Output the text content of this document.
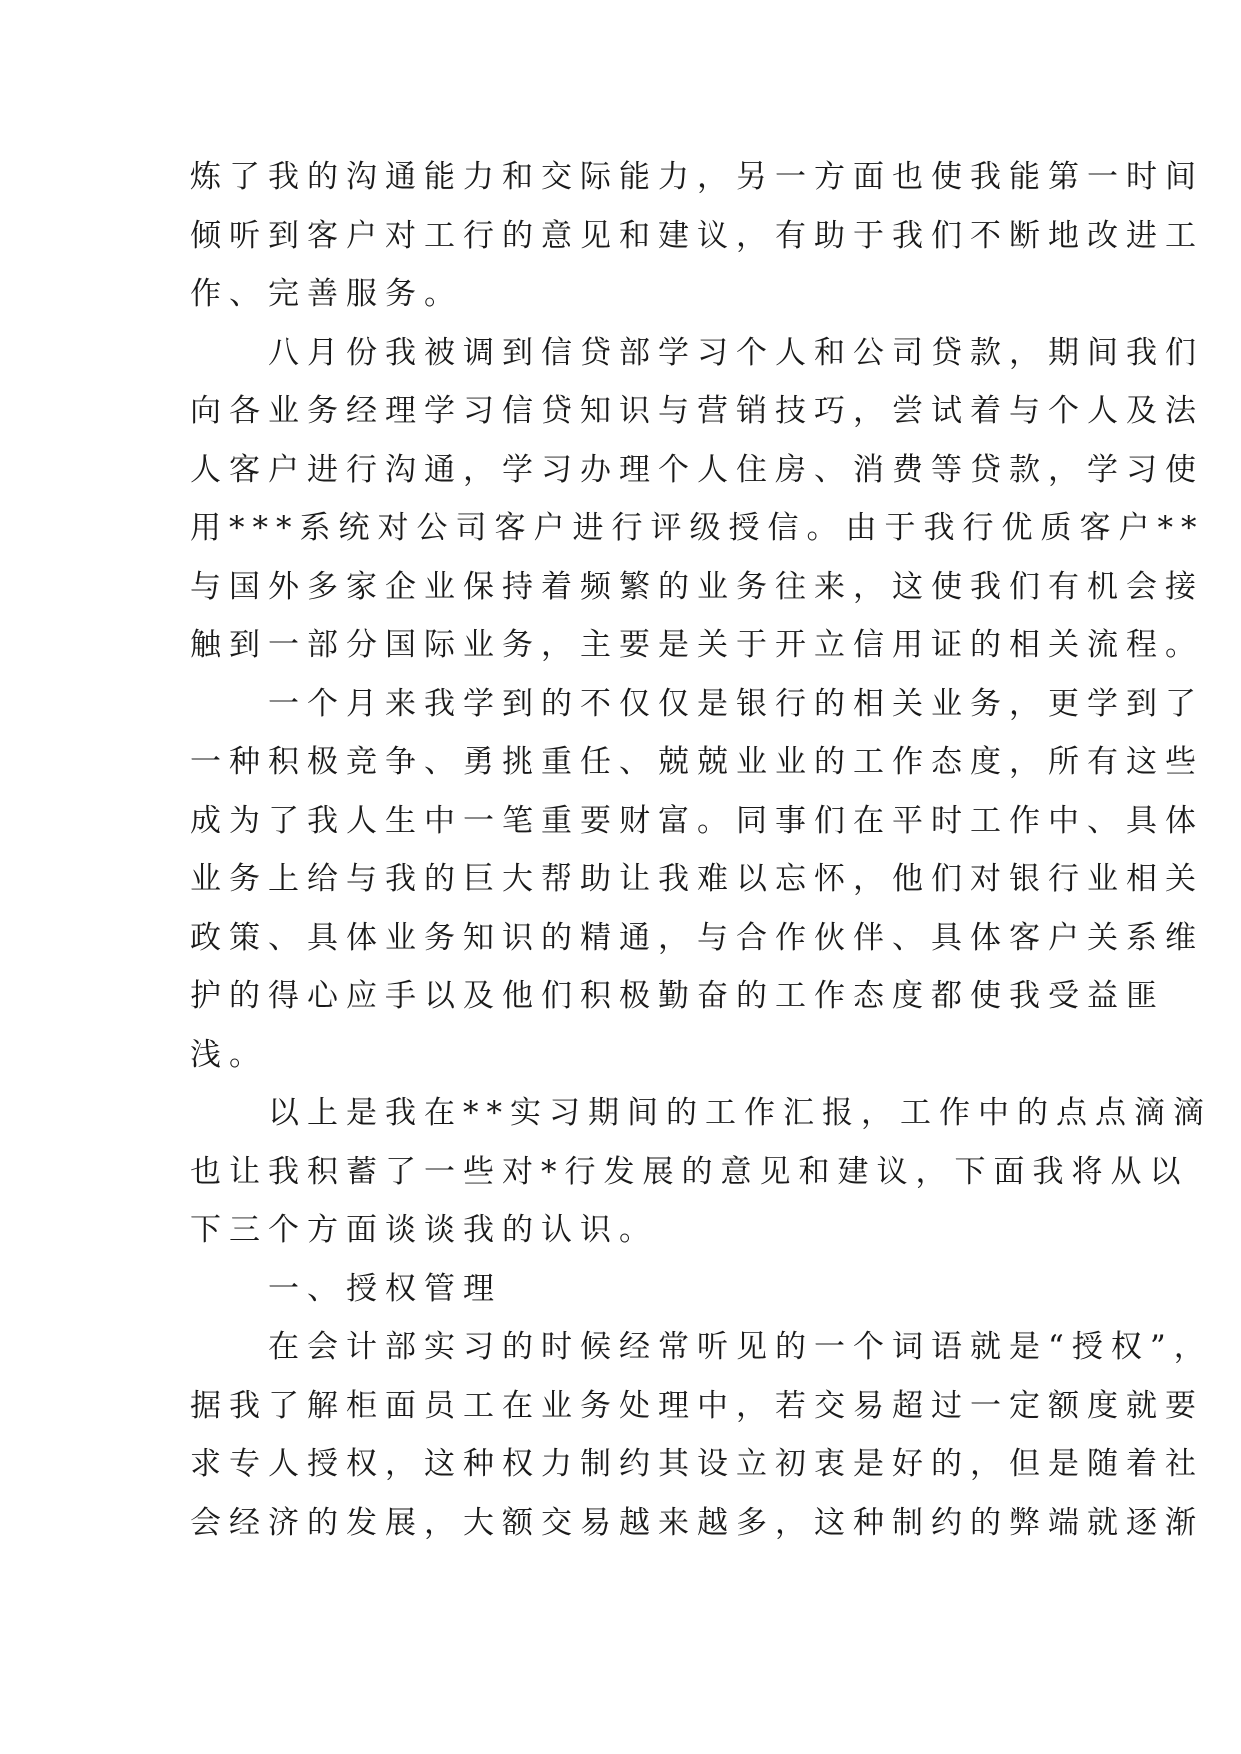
炼了我的沟通能力和交际能力，另一方面也使我能第一时间
倾听到客户对工行的意见和建议，有助于我们不断地改进工
作、完善服务。
八月份我被调到信贷部学习个人和公司贷款，期间我们
向各业务经理学习信贷知识与营销技巧，尝试着与个人及法
人客户进行沟通，学习办理个人住房、消费等贷款，学习使
用***系统对公司客户进行评级授信。由于我行优质客户**
与国外多家企业保持着频繁的业务往来，这使我们有机会接
触到一部分国际业务，主要是关于开立信用证的相关流程。
一个月来我学到的不仅仅是银行的相关业务，更学到了
一种积极竞争、勇挑重任、兢兢业业的工作态度，所有这些
成为了我人生中一笔重要财富。同事们在平时工作中、具体
业务上给与我的巨大帮助让我难以忘怀，他们对银行业相关
政策、具体业务知识的精通，与合作伙伴、具体客户关系维
护的得心应手以及他们积极勤奋的工作态度都使我受益匪
浅。
以上是我在**实习期间的工作汇报，工作中的点点滴滴
也让我积蓄了一些对*行发展的意见和建议，下面我将从以
下三个方面谈谈我的认识。
一、授权管理
在会计部实习的时候经常听见的一个词语就是“授权”，
据我了解柜面员工在业务处理中，若交易超过一定额度就要
求专人授权，这种权力制约其设立初衷是好的，但是随着社
会经济的发展，大额交易越来越多，这种制约的弊端就逐渐
